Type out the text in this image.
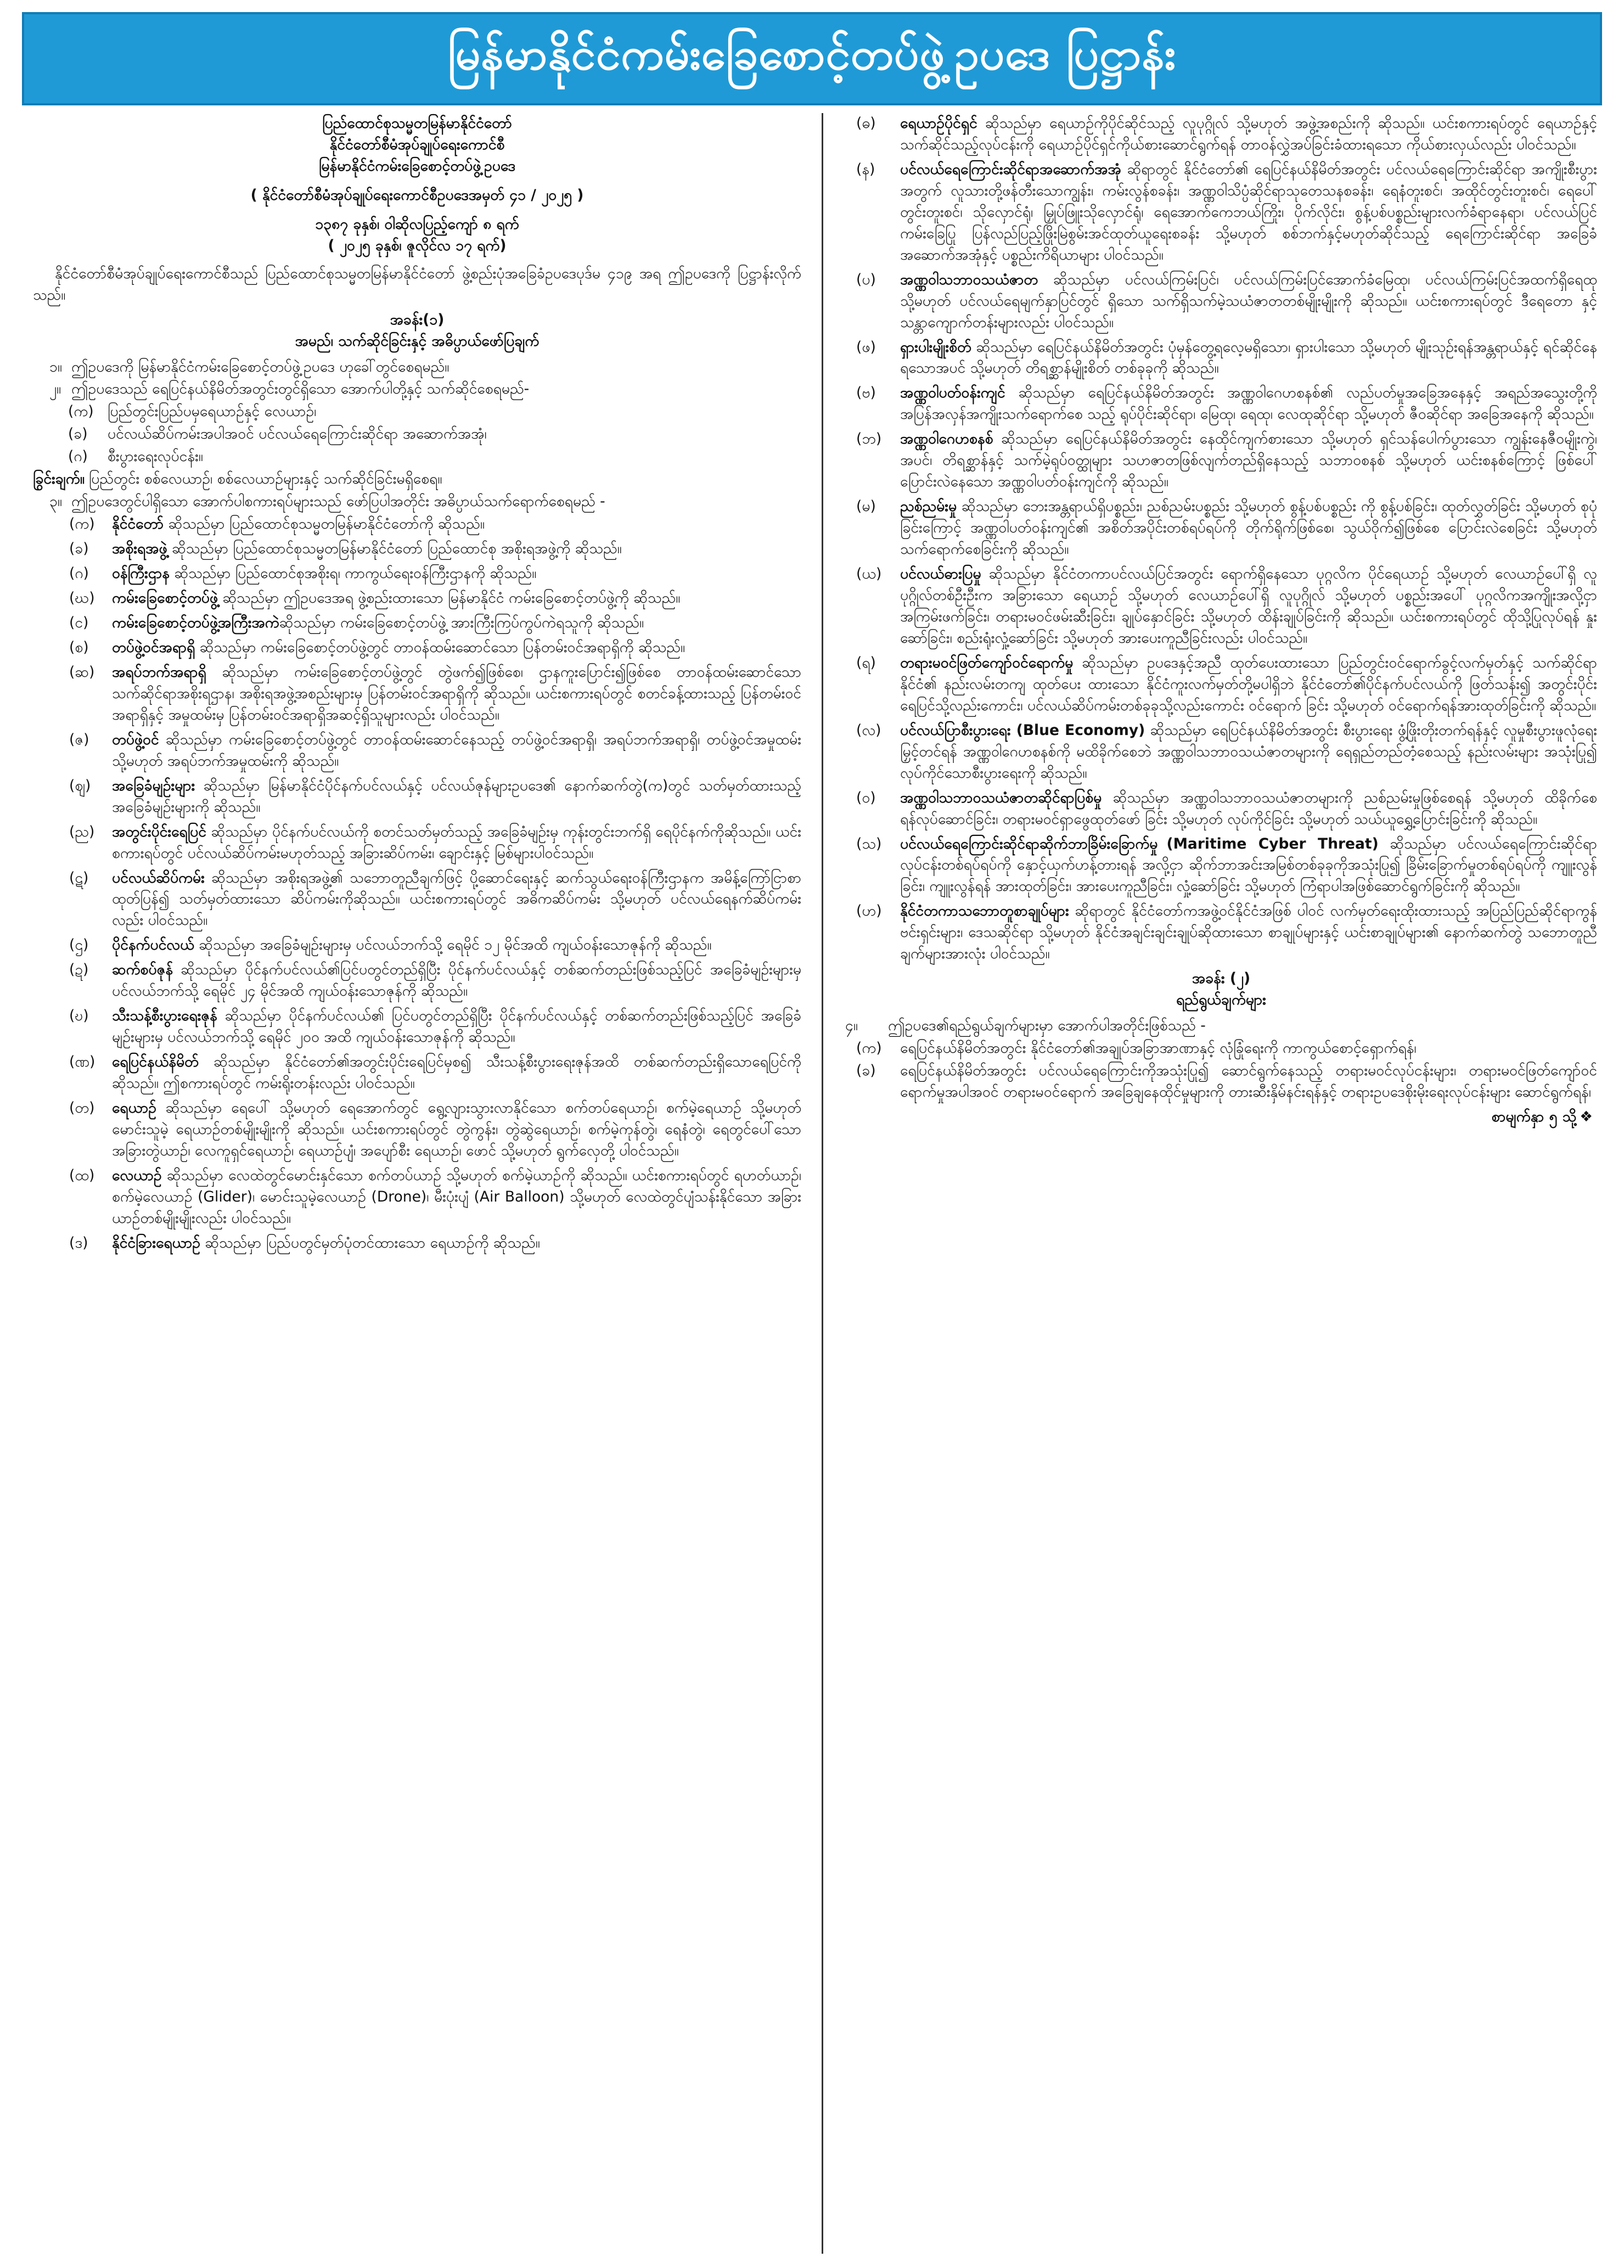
မြန်မာနိုင်ငံကမ်းခြေစောင့်တပ်ဖွဲ့ဥပဒေ ပြဋ္ဌာန်း

ပြည်ထောင်စုသမ္မတမြန်မာနိုင်ငံတော်

နိုင်ငံတော်စီမံအုပ်ချုပ်ရေးကောင်စီ

မြန်မာနိုင်ငံကမ်းခြေစောင့်တပ်ဖွဲ့ဥပဒေ

( နိုင်ငံတော်စီမံအုပ်ချုပ်ရေးကောင်စီဥပဒေအမှတ် ၄၁ / ၂၀၂၅ )

၁၃၈၇ ခုနှစ်၊ ဝါဆိုလပြည့်ကျော် ၈ ရက်

( ၂၀၂၅ ခုနှစ်၊ ဇူလိုင်လ ၁၇ ရက်)

နိုင်ငံတော်စီမံအုပ်ချုပ်ရေးကောင်စီသည် ပြည်ထောင်စုသမ္မတမြန်မာနိုင်ငံတော် ဖွဲ့စည်းပုံအခြေခံဥပဒေပုဒ်မ ၄၁၉ အရ ဤဥပဒေကို ပြဋ္ဌာန်းလိုက်သည်။

အခန်း(၁)

အမည်၊ သက်ဆိုင်ခြင်းနှင့် အဓိပ္ပာယ်ဖော်ပြချက်

၁။ ဤဥပဒေကို မြန်မာနိုင်ငံကမ်းခြေစောင့်တပ်ဖွဲ့ဥပဒေ ဟုခေါ်တွင်စေရမည်။
၂။ ဤဥပဒေသည် ရေပြင်နယ်နိမိတ်အတွင်းတွင်ရှိသော အောက်ပါတို့နှင့် သက်ဆိုင်စေရမည်-
(က) ပြည်တွင်းပြည်ပမှရေယာဉ်နှင့် လေယာဉ်၊
(ခ)	ပင်လယ်ဆိပ်ကမ်းအပါအဝင် ပင်လယ်ရေကြောင်းဆိုင်ရာ အဆောက်အအုံ၊
(ဂ)	စီးပွားရေးလုပ်ငန်း။

ခြွင်းချက်။ ပြည်တွင်း စစ်လေယာဉ်၊ စစ်လေယာဉ်များနှင့် သက်ဆိုင်ခြင်းမရှိစေရ။

၃။ ဤဥပဒေတွင်ပါရှိသော အောက်ပါစကားရပ်များသည် ဖော်ပြပါအတိုင်း အဓိပ္ပာယ်သက်ရောက်စေရမည် -
(က)	နိုင်ငံတော် ဆိုသည်မှာ ပြည်ထောင်စုသမ္မတမြန်မာနိုင်ငံတော်ကို ဆိုသည်။
(ခ)	အစိုးရအဖွဲ့ ဆိုသည်မှာ ပြည်ထောင်စုသမ္မတမြန်မာနိုင်ငံတော် ပြည်ထောင်စု အစိုးရအဖွဲ့ကို ဆိုသည်။
(ဂ)	ဝန်ကြီးဌာန ဆိုသည်မှာ ပြည်ထောင်စုအစိုးရ၊ ကာကွယ်ရေးဝန်ကြီးဌာနကို ဆိုသည်။
(ဃ)	ကမ်းခြေစောင့်တပ်ဖွဲ့ ဆိုသည်မှာ ဤဥပဒေအရ ဖွဲ့စည်းထားသော မြန်မာနိုင်ငံ ကမ်းခြေစောင့်တပ်ဖွဲ့ကို ဆိုသည်။
(င)	ကမ်းခြေစောင့်တပ်ဖွဲ့အကြီးအကဲဆိုသည်မှာ ကမ်းခြေစောင့်တပ်ဖွဲ့ အားကြီးကြပ်ကွပ်ကဲရသူကို ဆိုသည်။
(စ)	တပ်ဖွဲ့ဝင်အရာရှိ ဆိုသည်မှာ ကမ်းခြေစောင့်တပ်ဖွဲ့တွင် တာဝန်ထမ်းဆောင်သော ပြန်တမ်းဝင်အရာရှိကို ဆိုသည်။
(ဆ)	အရပ်ဘက်အရာရှိ ဆိုသည်မှာ ကမ်းခြေစောင့်တပ်ဖွဲ့တွင် တွဲဖက်၍ဖြစ်စေ၊ ဌာနကူးပြောင်း၍ဖြစ်စေ တာဝန်ထမ်းဆောင်သော သက်ဆိုင်ရာအစိုးရဌာန၊ အစိုးရအဖွဲ့အစည်းများမှ ပြန်တမ်းဝင်အရာရှိကို ဆိုသည်။ ယင်းစကားရပ်တွင် စတင်ခန့်ထားသည့် ပြန်တမ်းဝင်အရာရှိနှင့် အမှုထမ်းမှ ပြန်တမ်းဝင်အရာရှိအဆင့်ရှိသူများလည်း ပါဝင်သည်။
(ဇ)	တပ်ဖွဲ့ဝင် ဆိုသည်မှာ ကမ်းခြေစောင့်တပ်ဖွဲ့တွင် တာဝန်ထမ်းဆောင်နေသည့် တပ်ဖွဲ့ဝင်အရာရှိ၊ အရပ်ဘက်အရာရှိ၊ တပ်ဖွဲ့ဝင်အမှုထမ်း သို့မဟုတ် အရပ်ဘက်အမှုထမ်းကို ဆိုသည်။
(ဈ)	အခြေခံမျဉ်းများ ဆိုသည်မှာ မြန်မာနိုင်ငံပိုင်နက်ပင်လယ်နှင့် ပင်လယ်ဇုန်များဥပဒေ၏ နောက်ဆက်တွဲ(က)တွင် သတ်မှတ်ထားသည့် အခြေခံမျဉ်းများကို ဆိုသည်။
(ည)	အတွင်းပိုင်းရေပြင် ဆိုသည်မှာ ပိုင်နက်ပင်လယ်ကို စတင်သတ်မှတ်သည့် အခြေခံမျဉ်းမှ ကုန်းတွင်းဘက်ရှိ ရေပိုင်နက်ကိုဆိုသည်။ ယင်းစကားရပ်တွင် ပင်လယ်ဆိပ်ကမ်းမဟုတ်သည့် အခြားဆိပ်ကမ်း၊ ချောင်းနှင့် မြစ်များပါဝင်သည်။
(ဋ)	ပင်လယ်ဆိပ်ကမ်း ဆိုသည်မှာ အစိုးရအဖွဲ့၏ သဘောတူညီချက်ဖြင့် ပို့ဆောင်ရေးနှင့် ဆက်သွယ်ရေးဝန်ကြီးဌာနက အမိန့်ကြော်ငြာစာထုတ်ပြန်၍ သတ်မှတ်ထားသော ဆိပ်ကမ်းကိုဆိုသည်။ ယင်းစကားရပ်တွင် အဓိကဆိပ်ကမ်း သို့မဟုတ် ပင်လယ်ရေနက်ဆိပ်ကမ်းလည်း ပါဝင်သည်။
(ဌ)	ပိုင်နက်ပင်လယ် ဆိုသည်မှာ အခြေခံမျဉ်းများမှ ပင်လယ်ဘက်သို့ ရေမိုင် ၁၂ မိုင်အထိ ကျယ်ဝန်းသောဇုန်ကို ဆိုသည်။
(ဍ)	ဆက်စပ်ဇုန် ဆိုသည်မှာ ပိုင်နက်ပင်လယ်၏ပြင်ပတွင်တည်ရှိပြီး ပိုင်နက်ပင်လယ်နှင့် တစ်ဆက်တည်းဖြစ်သည့်ပြင် အခြေခံမျဉ်းများမှ ပင်လယ်ဘက်သို့ ရေမိုင် ၂၄ မိုင်အထိ ကျယ်ဝန်းသောဇုန်ကို ဆိုသည်။
(ဎ)	သီးသန့်စီးပွားရေးဇုန် ဆိုသည်မှာ ပိုင်နက်ပင်လယ်၏ ပြင်ပတွင်တည်ရှိပြီး ပိုင်နက်ပင်လယ်နှင့် တစ်ဆက်တည်းဖြစ်သည့်ပြင် အခြေခံမျဉ်းများမှ ပင်လယ်ဘက်သို့ ရေမိုင် ၂၀၀ အထိ ကျယ်ဝန်းသောဇုန်ကို ဆိုသည်။
(ဏ)	ရေပြင်နယ်နိမိတ် ဆိုသည်မှာ နိုင်ငံတော်၏အတွင်းပိုင်းရေပြင်မှစ၍ သီးသန့်စီးပွားရေးဇုန်အထိ တစ်ဆက်တည်းရှိသောရေပြင်ကို ဆိုသည်။ ဤစကားရပ်တွင် ကမ်းရိုးတန်းလည်း ပါဝင်သည်။
(တ)	ရေယာဉ် ဆိုသည်မှာ ရေပေါ် သို့မဟုတ် ရေအောက်တွင် ရွေ့လျားသွားလာနိုင်သော စက်တပ်ရေယာဉ်၊ စက်မဲ့ရေယာဉ် သို့မဟုတ် မောင်းသူမဲ့ ရေယာဉ်တစ်မျိုးမျိုးကို ဆိုသည်။ ယင်းစကားရပ်တွင် တွဲကွန်း၊ တွဲဆွဲရေယာဉ်၊ စက်မဲ့ကုန်တွဲ၊ ရေနံတွဲ၊ ရေတွင်ပေါ်သော အခြားတွဲယာဉ်၊ လေကူရှင်ရေယာဉ်၊ ရေယာဉ်ပျံ၊ အပျော်စီး ရေယာဉ်၊ ဖောင် သို့မဟုတ် ရွက်လှေတို့ ပါဝင်သည်။
(ထ)	လေယာဉ် ဆိုသည်မှာ လေထဲတွင်မောင်းနှင်သော စက်တပ်ယာဉ် သို့မဟုတ် စက်မဲ့ယာဉ်ကို ဆိုသည်။ ယင်းစကားရပ်တွင် ရဟတ်ယာဉ်၊ စက်မဲ့လေယာဉ် (Glider)၊ မောင်းသူမဲ့လေယာဉ် (Drone)၊ မီးပုံးပျံ (Air Balloon) သို့မဟုတ် လေထဲတွင်ပျံသန်းနိုင်သော အခြားယာဉ်တစ်မျိုးမျိုးလည်း ပါဝင်သည်။
(ဒ)	နိုင်ငံခြားရေယာဉ် ဆိုသည်မှာ ပြည်ပတွင်မှတ်ပုံတင်ထားသော ရေယာဉ်ကို ဆိုသည်။
(ဓ)	ရေယာဉ်ပိုင်ရှင် ဆိုသည်မှာ ရေယာဉ်ကိုပိုင်ဆိုင်သည့် လူပုဂ္ဂိုလ် သို့မဟုတ် အဖွဲ့အစည်းကို ဆိုသည်။ ယင်းစကားရပ်တွင် ရေယာဉ်နှင့် သက်ဆိုင်သည့်လုပ်ငန်းကို ရေယာဉ်ပိုင်ရှင်ကိုယ်စားဆောင်ရွက်ရန် တာဝန်လွှဲအပ်ခြင်းခံထားရသော ကိုယ်စားလှယ်လည်း ပါဝင်သည်။
(န)	ပင်လယ်ရေကြောင်းဆိုင်ရာအဆောက်အအုံ ဆိုရာတွင် နိုင်ငံတော်၏ ရေပြင်နယ်နိမိတ်အတွင်း ပင်လယ်ရေကြောင်းဆိုင်ရာ အကျိုးစီးပွားအတွက် လူသားတို့ဖန်တီးသောကျွန်း၊ ကမ်းလွန်စခန်း၊ အဏ္ဏဝါသိပ္ပံဆိုင်ရာသုတေသနစခန်း၊ ရေနံတူးစင်၊ အထိုင်တွင်းတူးစင်၊ ရေပေါ်တွင်းတူးစင်၊ သိုလှောင်ရုံ၊ မြှုပ်ဖြူးသိုလှောင်ရုံ၊ ရေအောက်ကေဘယ်ကြိုး၊ ပိုက်လိုင်း၊ စွန့်ပစ်ပစ္စည်းများလက်ခံရာနေရာ၊ ပင်လယ်ပြင်ကမ်းခြေပြု ပြန်လည်ပြည့်ဖြိုးမြဲစွမ်းအင်ထုတ်ယူရေးစခန်း သို့မဟုတ် စစ်ဘက်နှင့်မဟုတ်ဆိုင်သည့် ရေကြောင်းဆိုင်ရာ အခြေခံ အဆောက်အအုံနှင့် ပစ္စည်းကိရိယာများ ပါဝင်သည်။
(ပ)	အဏ္ဏဝါသဘာဝသယံဇာတ ဆိုသည်မှာ ပင်လယ်ကြမ်းပြင်၊ ပင်လယ်ကြမ်းပြင်အောက်ခံမြေထု၊ ပင်လယ်ကြမ်းပြင်အထက်ရှိရေထု သို့မဟုတ် ပင်လယ်ရေမျက်နှာပြင်တွင် ရှိသော သက်ရှိသက်မဲ့သယံဇာတတစ်မျိုးမျိုးကို ဆိုသည်။ ယင်းစကားရပ်တွင် ဒီရေတော နှင့် သန္တာကျောက်တန်းများလည်း ပါဝင်သည်။
(ဖ)	ရှားပါးမျိုးစိတ် ဆိုသည်မှာ ရေပြင်နယ်နိမိတ်အတွင်း ပုံမှန်တွေ့ရလေ့မရှိသော၊ ရှားပါးသော သို့မဟုတ် မျိုးသုဉ်းရန်အန္တရာယ်နှင့် ရင်ဆိုင်နေရသောအပင် သို့မဟုတ် တိရစ္ဆာန်မျိုးစိတ် တစ်ခုခုကို ဆိုသည်။
(ဗ)	အဏ္ဏဝါပတ်ဝန်းကျင် ဆိုသည်မှာ ရေပြင်နယ်နိမိတ်အတွင်း အဏ္ဏဝါဂေဟစနစ်၏ လည်ပတ်မှုအခြေအနေနှင့် အရည်အသွေးတို့ကို အပြန်အလှန်အကျိုးသက်ရောက်စေ သည့် ရုပ်ပိုင်းဆိုင်ရာ၊ မြေထု၊ ရေထု၊ လေထုဆိုင်ရာ သို့မဟုတ် ဇီဝဆိုင်ရာ အခြေအနေကို ဆိုသည်။
(ဘ)	အဏ္ဏဝါဂေဟစနစ် ဆိုသည်မှာ ရေပြင်နယ်နိမိတ်အတွင်း နေထိုင်ကျက်စားသော သို့မဟုတ် ရှင်သန်ပေါက်ပွားသော ကျွန်းနေဇီဝမျိုးကွဲ၊ အပင်၊ တိရစ္ဆာန်နှင့် သက်မဲ့ရုပ်ဝတ္ထုများ သဟဇာတဖြစ်လျက်တည်ရှိနေသည့် သဘာဝစနစ် သို့မဟုတ် ယင်းစနစ်ကြောင့် ဖြစ်ပေါ် ပြောင်းလဲနေသော အဏ္ဏဝါပတ်ဝန်းကျင်ကို ဆိုသည်။
(မ)	ညစ်ညမ်းမှု ဆိုသည်မှာ ဘေးအန္တရာယ်ရှိပစ္စည်း၊ ညစ်ညမ်းပစ္စည်း သို့မဟုတ် စွန့်ပစ်ပစ္စည်း ကို စွန့်ပစ်ခြင်း၊ ထုတ်လွှတ်ခြင်း သို့မဟုတ် စုပုံခြင်းကြောင့် အဏ္ဏဝါပတ်ဝန်းကျင်၏ အစိတ်အပိုင်းတစ်ရပ်ရပ်ကို တိုက်ရိုက်ဖြစ်စေ၊ သွယ်ဝိုက်၍ဖြစ်စေ ပြောင်းလဲစေခြင်း သို့မဟုတ် သက်ရောက်စေခြင်းကို ဆိုသည်။
(ယ)	ပင်လယ်ဓားပြမှု ဆိုသည်မှာ နိုင်ငံတကာပင်လယ်ပြင်အတွင်း ရောက်ရှိနေသော ပုဂ္ဂလိက ပိုင်ရေယာဉ် သို့မဟုတ် လေယာဉ်ပေါ်ရှိ လူပုဂ္ဂိုလ်တစ်ဦးဦးက အခြားသော ရေယာဉ် သို့မဟုတ် လေယာဉ်ပေါ်ရှိ လူပုဂ္ဂိုလ် သို့မဟုတ် ပစ္စည်းအပေါ် ပုဂ္ဂလိကအကျိုးအလို့ငှာ အကြမ်းဖက်ခြင်း၊ တရားမဝင်ဖမ်းဆီးခြင်း၊ ချုပ်နှောင်ခြင်း သို့မဟုတ် ထိန်းချုပ်ခြင်းကို ဆိုသည်။ ယင်းစကားရပ်တွင် ထိုသို့ပြုလုပ်ရန် နှုးဆော်ခြင်း၊ စည်းရုံးလှုံ့ဆော်ခြင်း သို့မဟုတ် အားပေးကူညီခြင်းလည်း ပါဝင်သည်။
(ရ)	တရားမဝင်ဖြတ်ကျော်ဝင်ရောက်မှု ဆိုသည်မှာ ဥပဒေနှင့်အညီ ထုတ်ပေးထားသော ပြည်တွင်းဝင်ရောက်ခွင့်လက်မှတ်နှင့် သက်ဆိုင်ရာနိုင်ငံ၏ နည်းလမ်းတကျ ထုတ်ပေး ထားသော နိုင်ငံကူးလက်မှတ်တို့မပါရှိဘဲ နိုင်ငံတော်၏ပိုင်နက်ပင်လယ်ကို ဖြတ်သန်း၍ အတွင်းပိုင်းရေပြင်သို့လည်းကောင်း၊ ပင်လယ်ဆိပ်ကမ်းတစ်ခုခုသို့လည်းကောင်း ဝင်ရောက် ခြင်း သို့မဟုတ် ဝင်ရောက်ရန်အားထုတ်ခြင်းကို ဆိုသည်။
(လ)	ပင်လယ်ပြာစီးပွားရေး (Blue Economy) ဆိုသည်မှာ ရေပြင်နယ်နိမိတ်အတွင်း စီးပွားရေး ဖွံ့ဖြိုးတိုးတက်ရန်နှင့် လူမှုစီးပွားဖူလုံရေးမြှင့်တင်ရန် အဏ္ဏဝါဂေဟစနစ်ကို မထိခိုက်စေဘဲ အဏ္ဏဝါသဘာဝသယံဇာတများကို ရေရှည်တည်တံ့စေသည့် နည်းလမ်းများ အသုံးပြု၍ လုပ်ကိုင်သောစီးပွားရေးကို ဆိုသည်။
(ဝ)	အဏ္ဏဝါသဘာဝသယံဇာတဆိုင်ရာပြစ်မှု ဆိုသည်မှာ အဏ္ဏဝါသဘာဝသယံဇာတများကို ညစ်ညမ်းမှုဖြစ်စေရန် သို့မဟုတ် ထိခိုက်စေရန်လုပ်ဆောင်ခြင်း၊ တရားမဝင်ရှာဖွေထုတ်ဖော် ခြင်း သို့မဟုတ် လုပ်ကိုင်ခြင်း သို့မဟုတ် သယ်ယူရွှေ့ပြောင်းခြင်းကို ဆိုသည်။
(သ)	ပင်လယ်ရေကြောင်းဆိုင်ရာဆိုက်ဘာခြိမ်းခြောက်မှု (Maritime Cyber Threat) ဆိုသည်မှာ ပင်လယ်ရေကြောင်းဆိုင်ရာ လုပ်ငန်းတစ်ရပ်ရပ်ကို နှောင့်ယှက်ဟန့်တားရန် အလို့ငှာ ဆိုက်ဘာအင်းအမြစ်တစ်ခုခုကိုအသုံးပြု၍ ခြိမ်းခြောက်မှုတစ်ရပ်ရပ်ကို ကျူးလွန်ခြင်း၊ ကျူးလွန်ရန် အားထုတ်ခြင်း၊ အားပေးကူညီခြင်း၊ လှုံ့ဆော်ခြင်း သို့မဟုတ် ကြံရာပါအဖြစ်ဆောင်ရွက်ခြင်းကို ဆိုသည်။
(ဟ)	နိုင်ငံတကာသဘောတူစာချုပ်များ ဆိုရာတွင် နိုင်ငံတော်ကအဖွဲ့ဝင်နိုင်ငံအဖြစ် ပါဝင် လက်မှတ်ရေးထိုးထားသည့် အပြည်ပြည်ဆိုင်ရာကွန်ဗင်းရှင်းများ၊ ဒေသဆိုင်ရာ သို့မဟုတ် နိုင်ငံအချင်းချင်းချုပ်ဆိုထားသော စာချုပ်များနှင့် ယင်းစာချုပ်များ၏ နောက်ဆက်တွဲ သဘောတူညီချက်များအားလုံး ပါဝင်သည်။

အခန်း (၂)

ရည်ရွယ်ချက်များ

၄။	ဤဥပဒေ၏ရည်ရွယ်ချက်များမှာ အောက်ပါအတိုင်းဖြစ်သည် -
(က)	ရေပြင်နယ်နိမိတ်အတွင်း နိုင်ငံတော်၏အချုပ်အခြာအာဏာနှင့် လုံခြုံရေးကို ကာကွယ်စောင့်ရှောက်ရန်၊
(ခ)	ရေပြင်နယ်နိမိတ်အတွင်း ပင်လယ်ရေကြောင်းကိုအသုံးပြု၍ ဆောင်ရွက်နေသည့် တရားမဝင်လုပ်ငန်းများ၊ တရားမဝင်ဖြတ်ကျော်ဝင်ရောက်မှုအပါအဝင် တရားမဝင်ရောက် အခြေချနေထိုင်မှုများကို တားဆီးနှိမ်နင်းရန်နှင့် တရားဥပဒေစိုးမိုးရေးလုပ်ငန်းများ ဆောင်ရွက်ရန်၊

စာမျက်နှာ ၅ သို့ ❖
